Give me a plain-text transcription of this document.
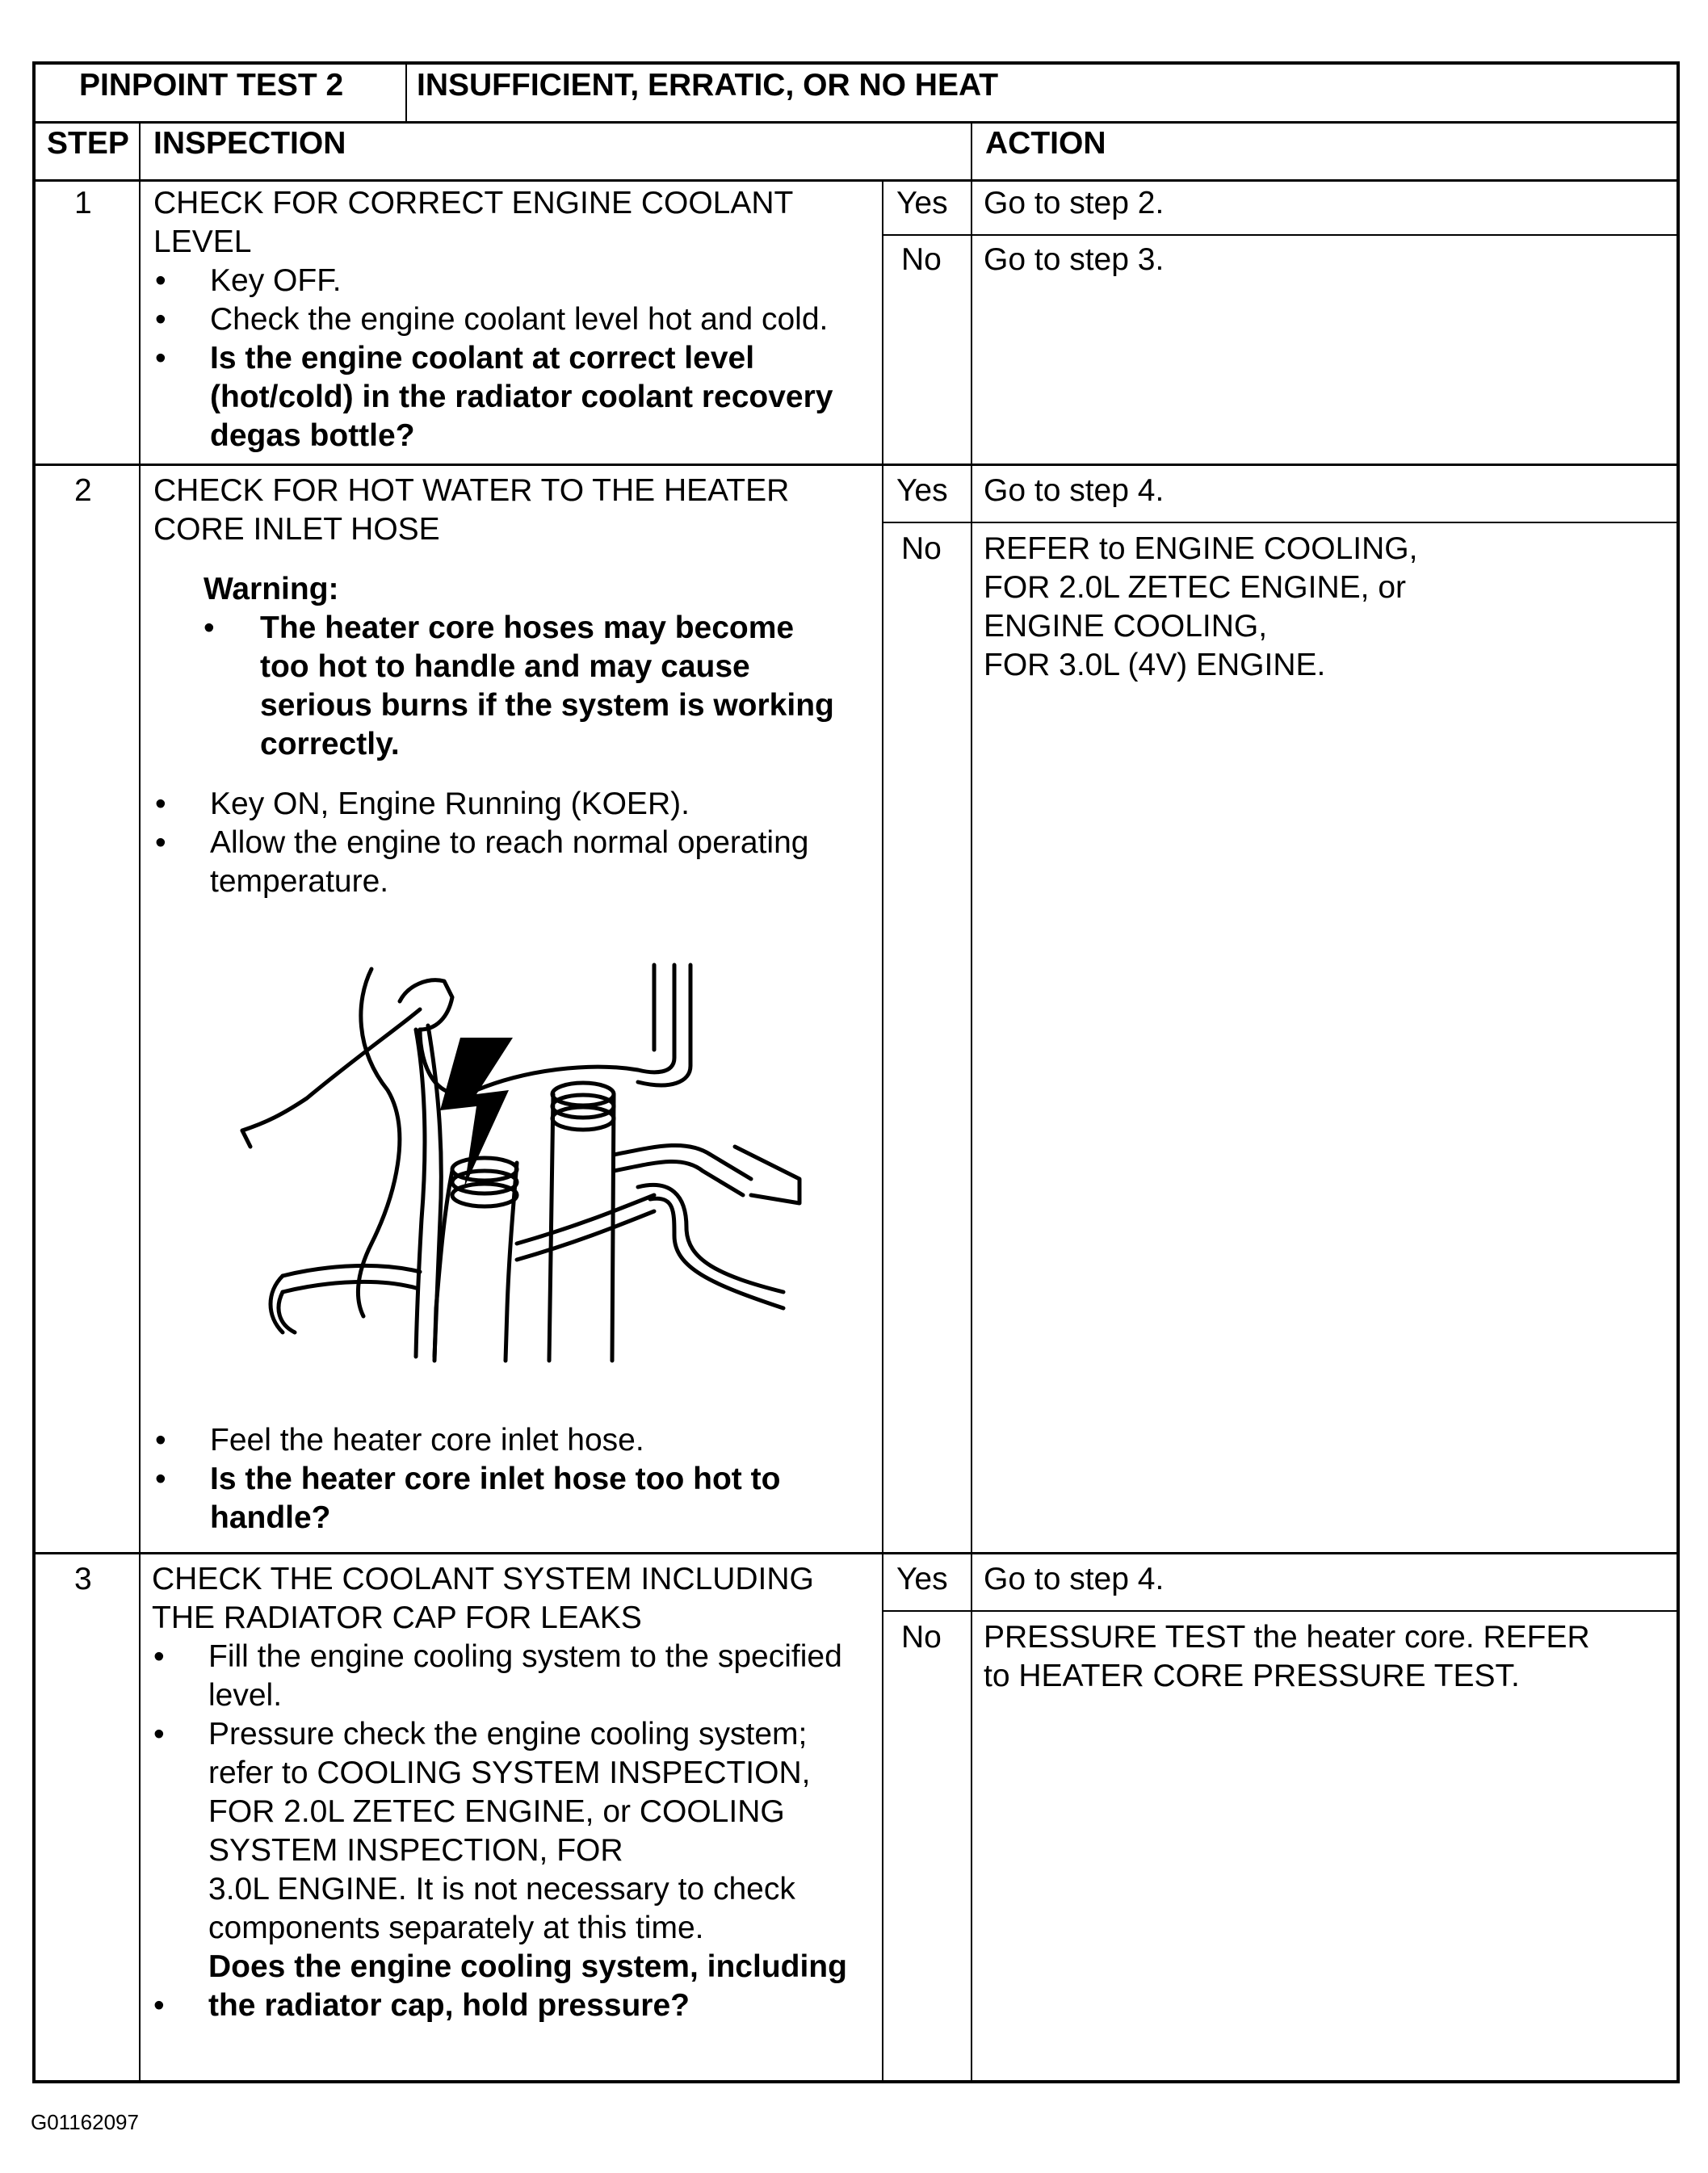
PINPOINT TEST 2 INSUFFICIENT, ERRATIC, OR NO HEAT
STEP INSPECTION	ACTION
1 CHECK FOR CORRECT ENGINE COOLANT
LEVEL
• Key OFF.
• Check the engine coolant level hot and cold.
• Is the engine coolant at correct level
(hot/cold) in the radiator coolant recovery
degas bottle?
Yes Go to step 2.
No Go to step 3.
2 CHECK FOR HOT WATER TO THE HEATER
CORE INLET HOSE
Warning:
• The heater core hoses may become
too hot to handle and may cause
serious burns if the system is working
correctly.
• Key ON, Engine Running (KOER).
• Allow the engine to reach normal operating
temperature.
• Feel the heater core inlet hose.
• Is the heater core inlet hose too hot to
handle?
Yes Go to step 4.
No REFER to ENGINE COOLING,
FOR 2.0L ZETEC ENGINE, or
ENGINE COOLING,
FOR 3.0L (4V) ENGINE.
3 CHECK THE COOLANT SYSTEM INCLUDING
THE RADIATOR CAP FOR LEAKS
• Fill the engine cooling system to the specified
level.
• Pressure check the engine cooling system;
refer to COOLING SYSTEM INSPECTION,
FOR 2.0L ZETEC ENGINE, or COOLING
SYSTEM INSPECTION, FOR
3.0L ENGINE. It is not necessary to check
components separately at this time.
Does the engine cooling system, including
• the radiator cap, hold pressure?
Yes Go to step 4.
No PRESSURE TEST the heater core. REFER
to HEATER CORE PRESSURE TEST.
G01162097
